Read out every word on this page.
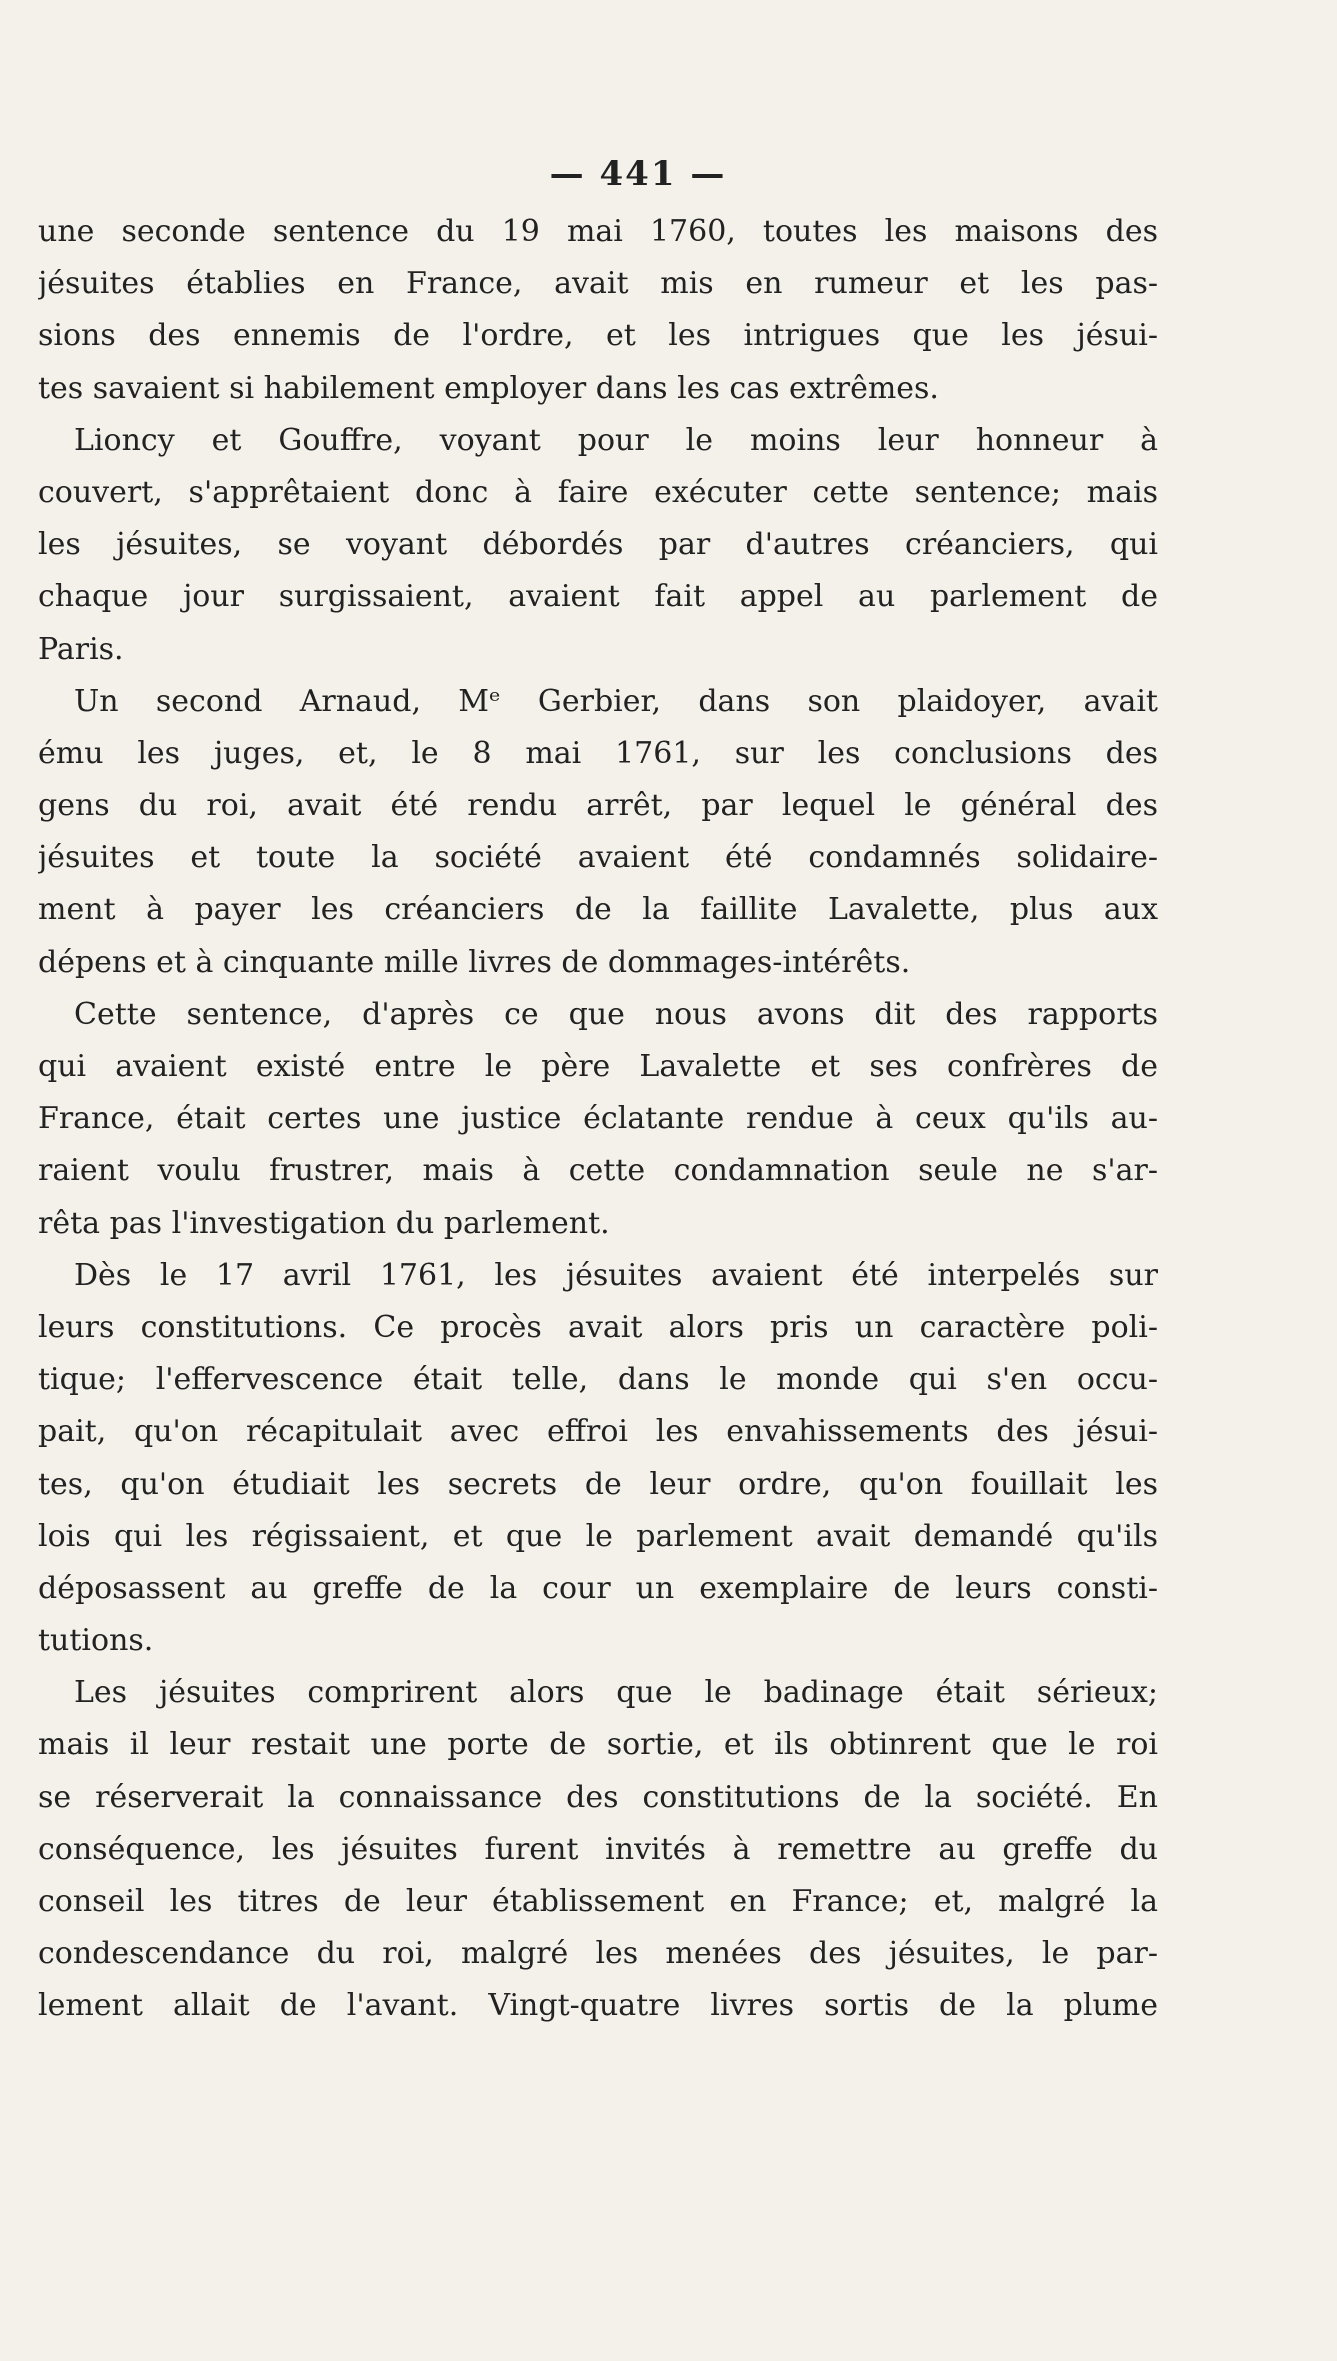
— 441 —
une seconde sentence du 19 mai 1760, toutes les maisons des
jésuites établies en France, avait mis en rumeur et les pas-
sions des ennemis de l'ordre, et les intrigues que les jésui-
tes savaient si habilement employer dans les cas extrêmes.
Lioncy et Gouffre, voyant pour le moins leur honneur à
couvert, s'apprêtaient donc à faire exécuter cette sentence; mais
les jésuites, se voyant débordés par d'autres créanciers, qui
chaque jour surgissaient, avaient fait appel au parlement de
Paris.
Un second Arnaud, Mᵉ Gerbier, dans son plaidoyer, avait
ému les juges, et, le 8 mai 1761, sur les conclusions des
gens du roi, avait été rendu arrêt, par lequel le général des
jésuites et toute la société avaient été condamnés solidaire-
ment à payer les créanciers de la faillite Lavalette, plus aux
dépens et à cinquante mille livres de dommages-intérêts.
Cette sentence, d'après ce que nous avons dit des rapports
qui avaient existé entre le père Lavalette et ses confrères de
France, était certes une justice éclatante rendue à ceux qu'ils au-
raient voulu frustrer, mais à cette condamnation seule ne s'ar-
rêta pas l'investigation du parlement.
Dès le 17 avril 1761, les jésuites avaient été interpelés sur
leurs constitutions. Ce procès avait alors pris un caractère poli-
tique; l'effervescence était telle, dans le monde qui s'en occu-
pait, qu'on récapitulait avec effroi les envahissements des jésui-
tes, qu'on étudiait les secrets de leur ordre, qu'on fouillait les
lois qui les régissaient, et que le parlement avait demandé qu'ils
déposassent au greffe de la cour un exemplaire de leurs consti-
tutions.
Les jésuites comprirent alors que le badinage était sérieux;
mais il leur restait une porte de sortie, et ils obtinrent que le roi
se réserverait la connaissance des constitutions de la société. En
conséquence, les jésuites furent invités à remettre au greffe du
conseil les titres de leur établissement en France; et, malgré la
condescendance du roi, malgré les menées des jésuites, le par-
lement allait de l'avant. Vingt-quatre livres sortis de la plume
